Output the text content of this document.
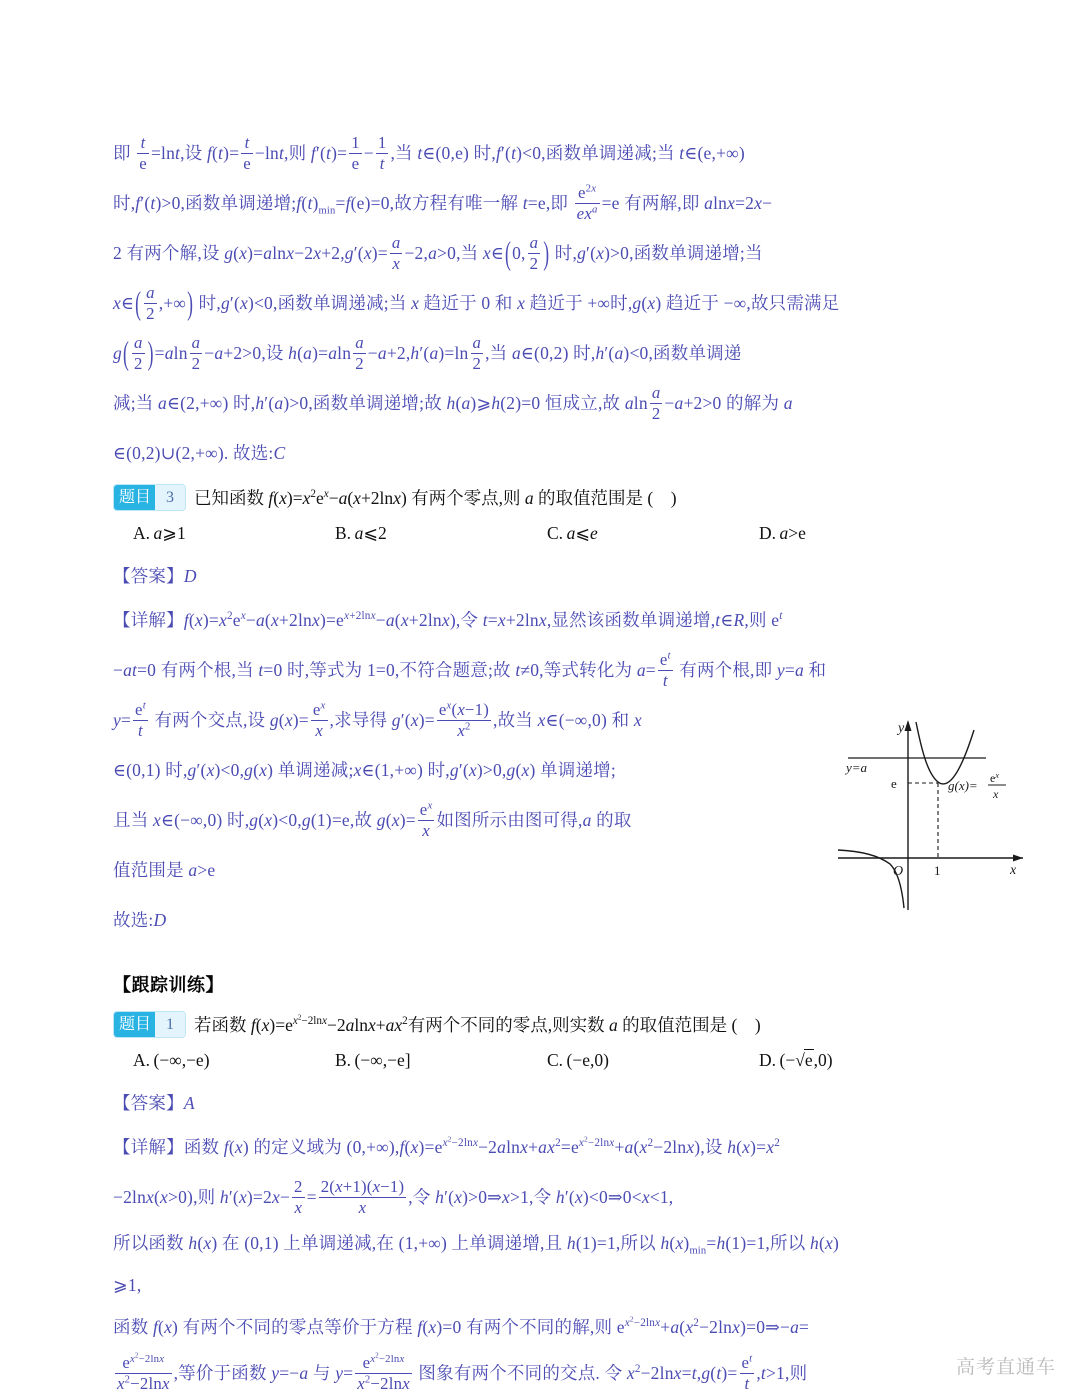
即 $\frac{t}{e} =\ln t$,设 $f(t)= \frac{t}{e} -\ln t$,则 $f'(t)= \frac{1}{e} - \frac{1}{t}$ ,当 t∈(0,e) 时,f′(t)<0,函数单调递减;当 t∈(e,+∞)
时,f′(t)>0,函数单调递增$;f(t)_{min}=f(e)=0$,故方程有唯一解 t=e,即 $\frac{e^{2x}}{ex^a} =e$ 有两解,即 alnx=2x−
2 有两个解,设 $g(x)=alnx-2x+2,g'(x)= \frac{a}{x} -2,a>0$,当 x∈(0, $\frac{a}{2}$ ) 时,g′(x)>0,函数单调递增;当
x∈( $\frac{a}{2}$ ,+∞) 时,g′(x)<0,函数单调递减;当 x 趋近于 0 和 x 趋近于 +∞时,g(x) 趋近于 −∞,故只需满足
$g( \frac{a}{2} )=aln \frac{a}{2} -a+2>0$,设 $h(a)=aln \frac{a}{2} -a+2,h'(a)=\ln \frac{a}{2}$ ,当 a∈(0,2) 时,h′(a)<0,函数单调递
减;当 a∈(2,+∞) 时,h′(a)>0,函数单调递增;故 h(a)⩾h(2)=0 恒成立,故 aln $\frac{a}{2} -a+2>0$ 的解为 a
∈(0,2)∪(2,+∞). 故选:C
题目 3	已知函数 $f(x)=x^2e^x-a(x+2\ln x)$ 有两个零点,则 a 的取值范围是 (    )
A. a⩾1	B. a⩽2	C. a⩽e	D. a>e
【答案】D
【详解】$f(x)=x^2e^x-a(x+2\ln x)=e^{x+2lnx}-a(x+2\ln x)$,令 t=x+2lnx,显然该函数单调递增,t∈R,则 $e^t$
−at=0 有两个根,当 t=0 时,等式为 1=0,不符合题意;故 t≠0,等式转化为 $a= \frac{e^t}{t}$ 有两个根,即 y=a 和
$y= \frac{e^t}{t}$ 有两个交点,设 $g(x)= \frac{e^x}{x}$ ,求导得 $g'(x)= \frac{e^x(x-1)}{x^2}$ ,故当 x∈(−∞,0) 和 x
∈(0,1) 时,g′(x)<0,g(x) 单调递减;x∈(1,+∞) 时,g′(x)>0,g(x) 单调递增;
且当 x∈(−∞,0) 时,g(x)<0,g(1)=e,故 $g(x)= \frac{e^x}{x}$ 如图所示由图可得,a 的取
值范围是 a>e
故选:D
【跟踪训练】
题目 1	若函数 $f(x)=e^{x^2-2lnx}-2alnx+ax^2$有两个不同的零点,则实数 a 的取值范围是 (    )
A. (−∞,−e)	B. (−∞,−e]	C. (−e,0)	D. (−√e,0)
【答案】A
【详解】函数 f(x) 的定义域为 $(0,+\infty),f(x)=e^{x^2-2lnx}-2alnx+ax^2=e^{x^2-2lnx}+a(x^2-2\ln x)$,设 $h(x)=x^2$
−2lnx(x>0),则 $h'(x)=2x- \frac{2}{x} = \frac{2(x+1)(x-1)}{x}$ ,令 h′(x)>0⇒x>1,令 h′(x)<0⇒0<x<1,
所以函数 h(x) 在 (0,1) 上单调递减,在 (1,+∞) 上单调递增,且 h(1)=1,所以 $h(x)_{min}=h(1)=1$,所以 h(x)
⩾1,
函数 f(x) 有两个不同的零点等价于方程 f(x)=0 有两个不同的解,则 $e^{x^2-2lnx}+a(x^2-2\ln x)=0\Rightarrow-a=$
$\frac{e^{x^2-2lnx}}{x^2-2\ln x}$ ,等价于函数 y=−a 与 $y= \frac{e^{x^2-2lnx}}{x^2-2\ln x}$ 图象有两个不同的交点. 令 $x^2-2\ln x=t,g(t)= \frac{e^t}{t} ,t>1$,则
y
x
y=a
e
O 1
$g(x)= e^x$
x
高考直通车
